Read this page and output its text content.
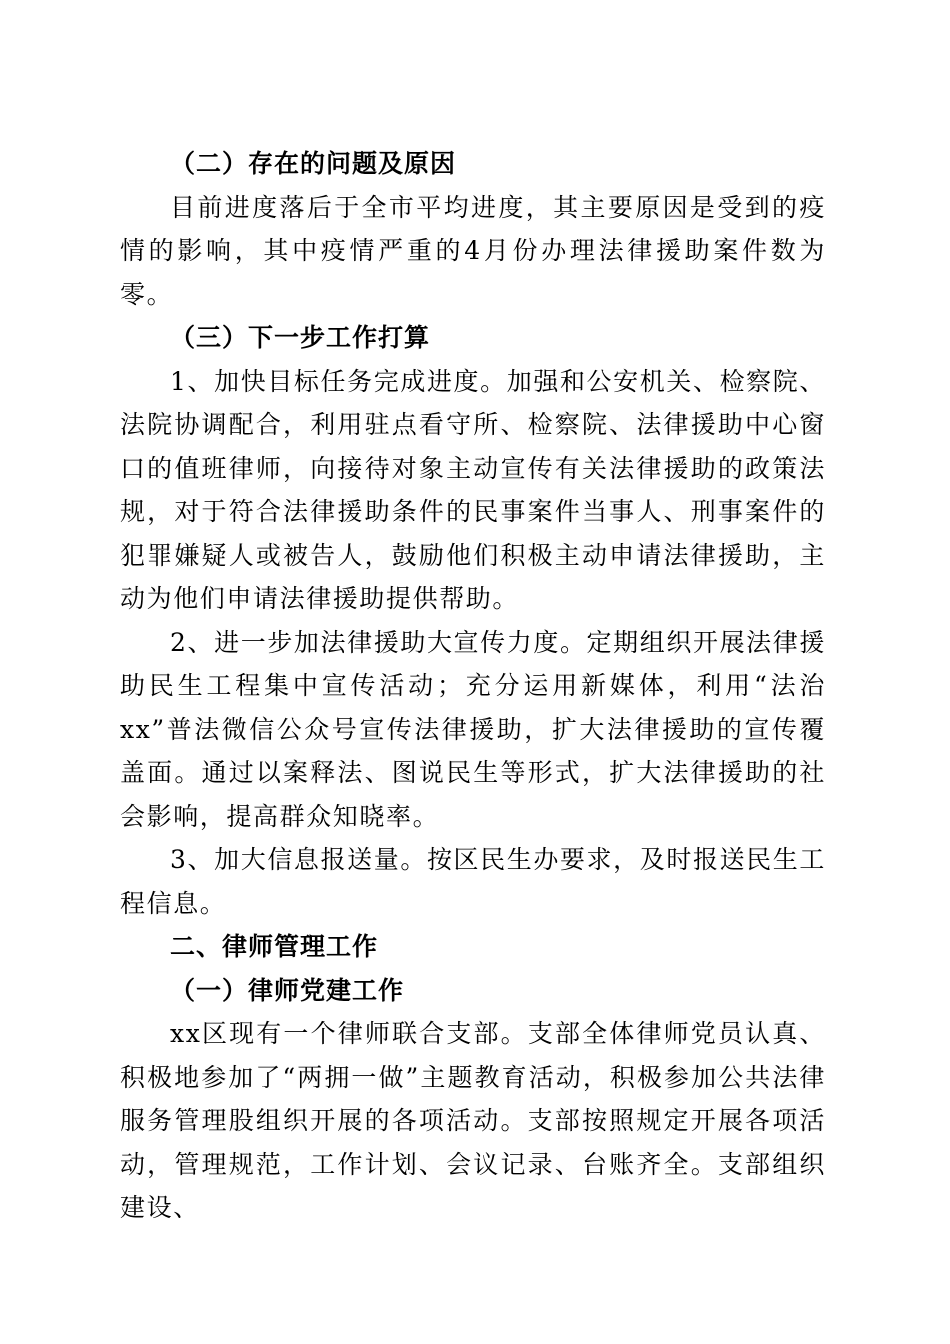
（二）存在的问题及原因

目前进度落后于全市平均进度，其主要原因是受到的疫情的影响，其中疫情严重的4月份办理法律援助案件数为零。

（三）下一步工作打算

1、加快目标任务完成进度。加强和公安机关、检察院、法院协调配合，利用驻点看守所、检察院、法律援助中心窗口的值班律师，向接待对象主动宣传有关法律援助的政策法规，对于符合法律援助条件的民事案件当事人、刑事案件的犯罪嫌疑人或被告人，鼓励他们积极主动申请法律援助，主动为他们申请法律援助提供帮助。

2、进一步加法律援助大宣传力度。定期组织开展法律援助民生工程集中宣传活动；充分运用新媒体，利用“法治xx”普法微信公众号宣传法律援助，扩大法律援助的宣传覆盖面。通过以案释法、图说民生等形式，扩大法律援助的社会影响，提高群众知晓率。

3、加大信息报送量。按区民生办要求，及时报送民生工程信息。

二、律师管理工作

（一）律师党建工作

xx区现有一个律师联合支部。支部全体律师党员认真、积极地参加了“两拥一做”主题教育活动，积极参加公共法律服务管理股组织开展的各项活动。支部按照规定开展各项活动，管理规范，工作计划、会议记录、台账齐全。支部组织建设、
